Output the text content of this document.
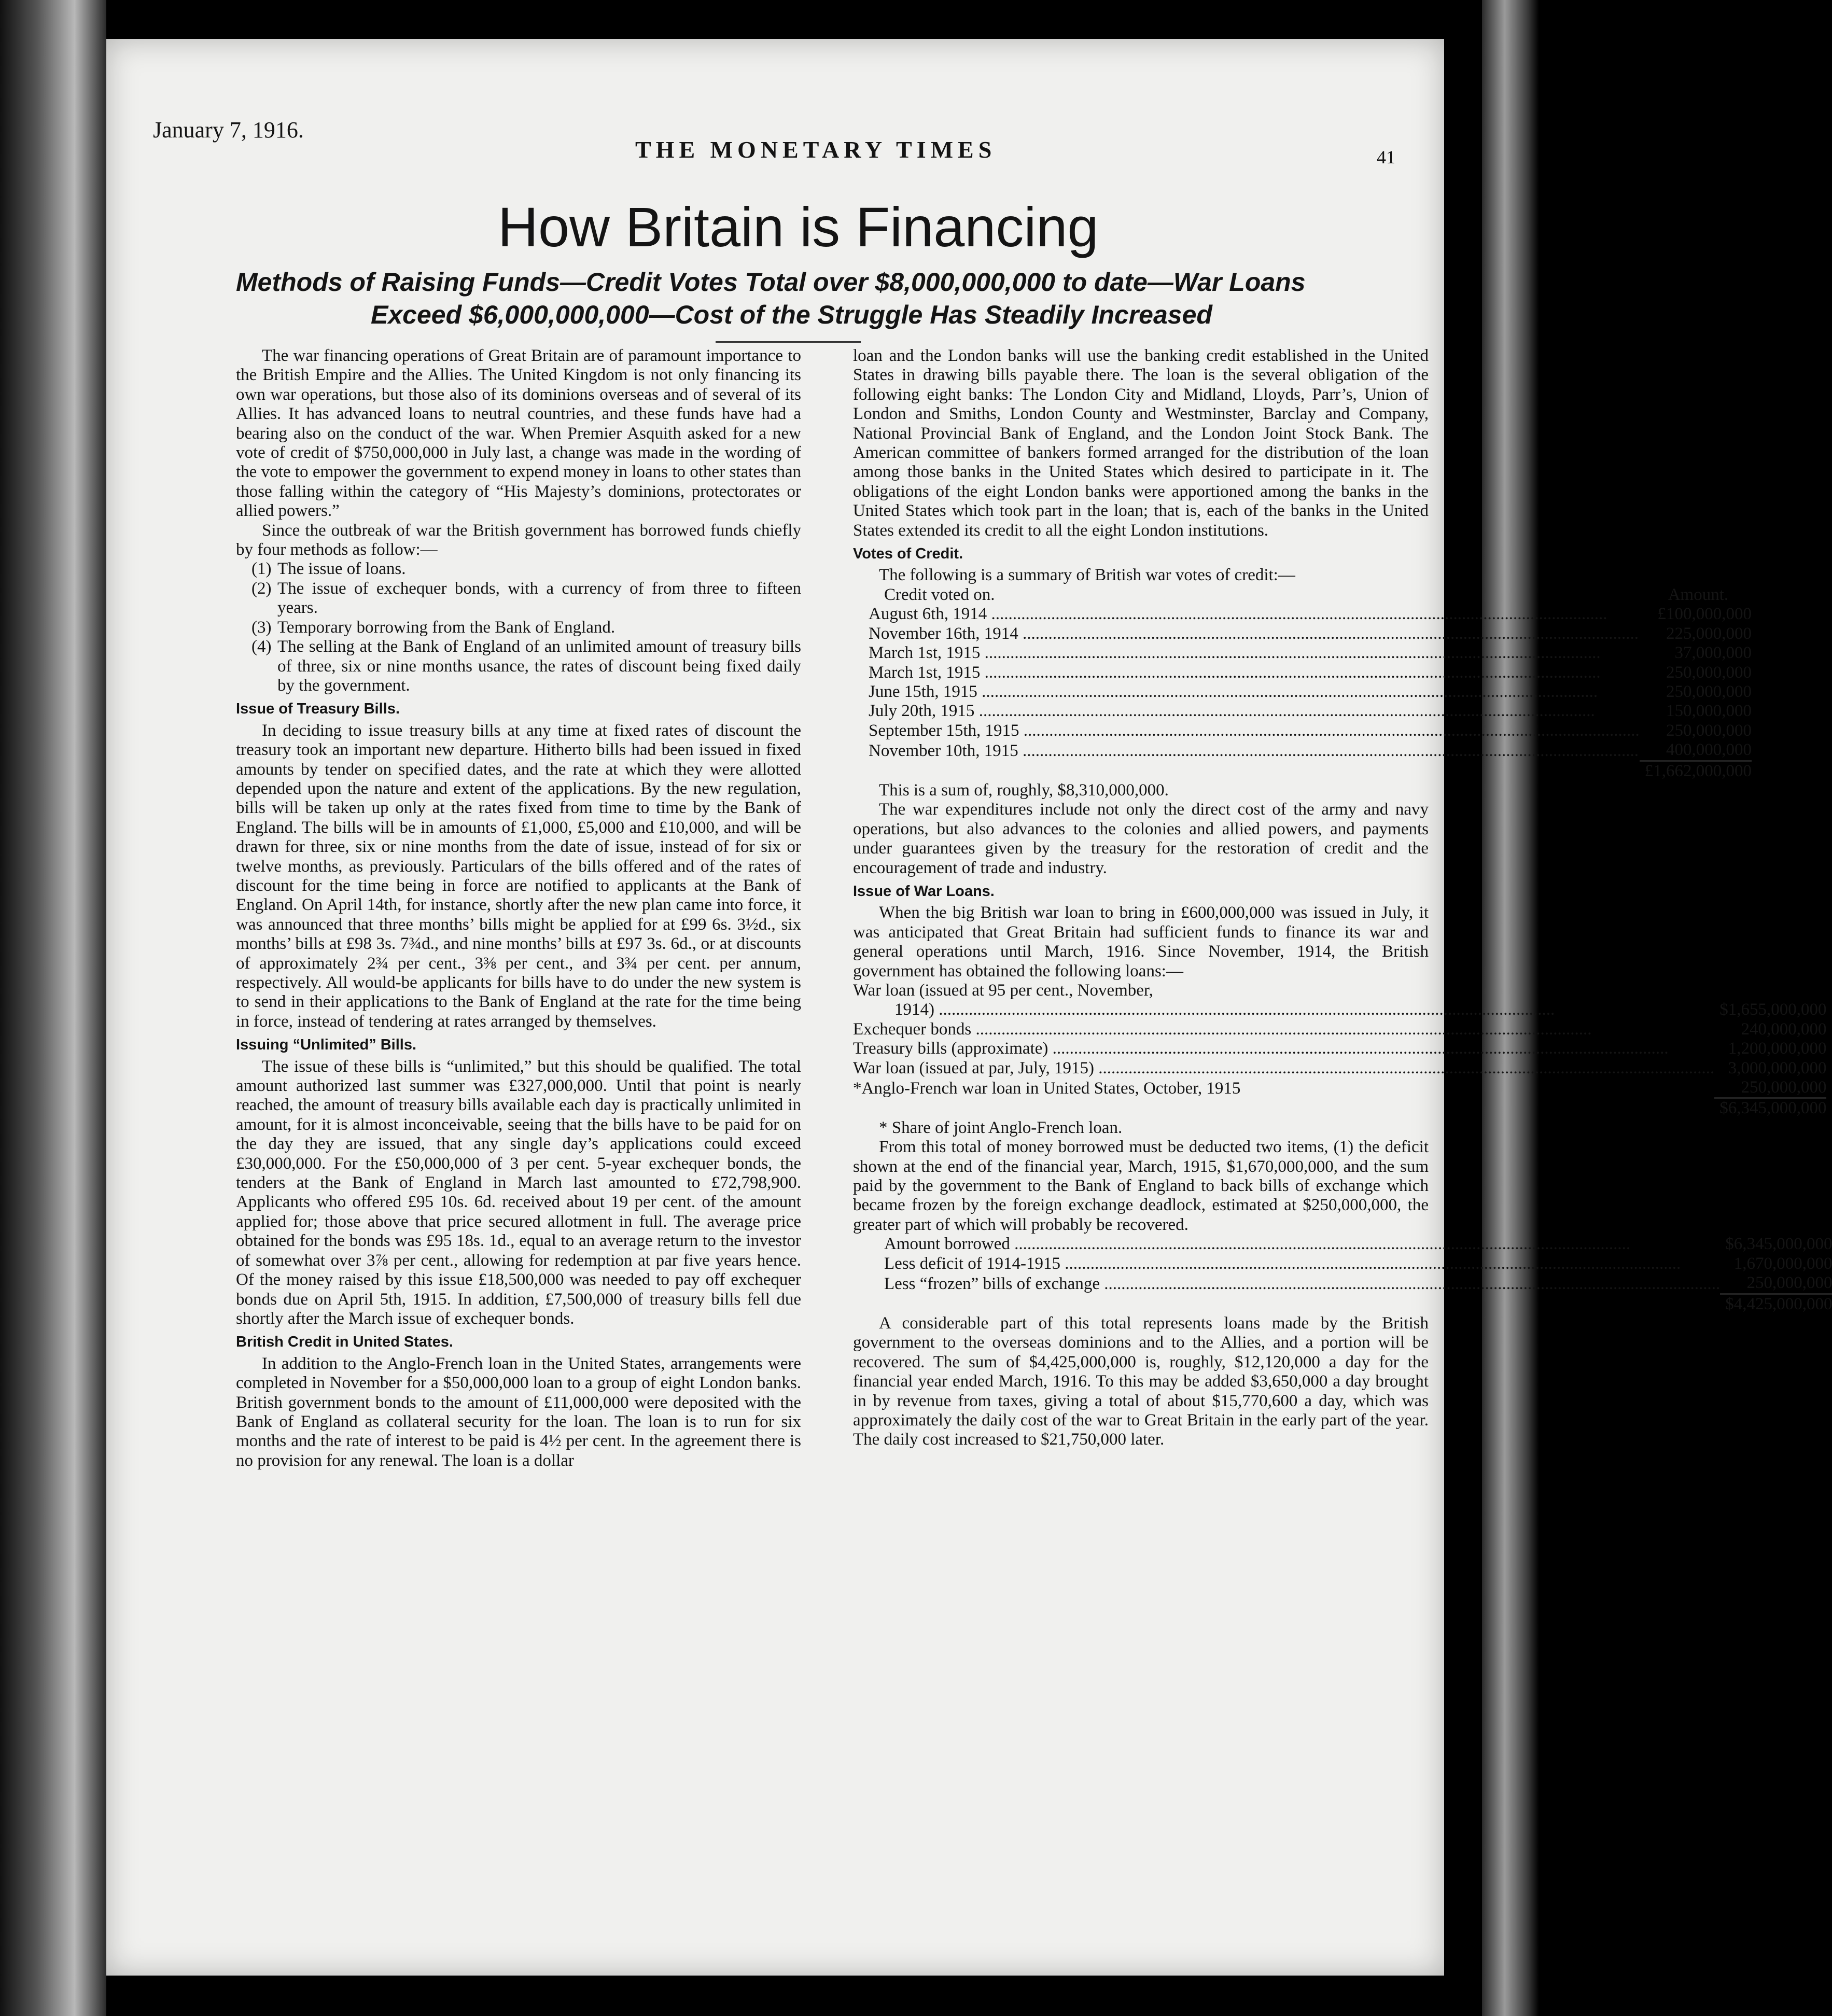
January 7, 1916.
THE MONETARY TIMES	41
How Britain is Financing
Methods of Raising Funds—Credit Votes Total over $8,000,000,000 to date—War Loans
Exceed $6,000,000,000—Cost of the Struggle Has Steadily Increased

The war financing operations of Great Britain are of paramount importance to the British Empire and the Allies. The United Kingdom is not only financing its own war operations, but those also of its dominions overseas and of several of its Allies. It has advanced loans to neutral countries, and these funds have had a bearing also on the conduct of the war. When Premier Asquith asked for a new vote of credit of $750,000,000 in July last, a change was made in the wording of the vote to empower the government to expend money in loans to other states than those falling within the category of “His Majesty’s dominions, protectorates or allied powers.”

Since the outbreak of war the British government has borrowed funds chiefly by four methods as follow:—

(1) The issue of loans.
(2) The issue of exchequer bonds, with a currency of from three to fifteen years.
(3) Temporary borrowing from the Bank of England.
(4) The selling at the Bank of England of an unlimited amount of treasury bills of three, six or nine months usance, the rates of discount being fixed daily by the government.
Issue of Treasury Bills.

In deciding to issue treasury bills at any time at fixed rates of discount the treasury took an important new departure. Hitherto bills had been issued in fixed amounts by tender on specified dates, and the rate at which they were allotted depended upon the nature and extent of the applications. By the new regulation, bills will be taken up only at the rates fixed from time to time by the Bank of England. The bills will be in amounts of £1,000, £5,000 and £10,000, and will be drawn for three, six or nine months from the date of issue, instead of for six or twelve months, as previously. Particulars of the bills offered and of the rates of discount for the time being in force are notified to applicants at the Bank of England. On April 14th, for instance, shortly after the new plan came into force, it was announced that three months’ bills might be applied for at £99 6s. 3½d., six months’ bills at £98 3s. 7¾d., and nine months’ bills at £97 3s. 6d., or at discounts of approximately 2¾ per cent., 3⅜ per cent., and 3¾ per cent. per annum, respectively. All would-be applicants for bills have to do under the new system is to send in their applications to the Bank of England at the rate for the time being in force, instead of tendering at rates arranged by themselves.

Issuing “Unlimited” Bills.

The issue of these bills is “unlimited,” but this should be qualified. The total amount authorized last summer was £327,000,000. Until that point is nearly reached, the amount of treasury bills available each day is practically unlimited in amount, for it is almost inconceivable, seeing that the bills have to be paid for on the day they are issued, that any single day’s applications could exceed £30,000,000. For the £50,000,000 of 3 per cent. 5-year exchequer bonds, the tenders at the Bank of England in March last amounted to £72,798,900. Applicants who offered £95 10s. 6d. received about 19 per cent. of the amount applied for; those above that price secured allotment in full. The average price obtained for the bonds was £95 18s. 1d., equal to an average return to the investor of somewhat over 3⅞ per cent., allowing for redemption at par five years hence. Of the money raised by this issue £18,500,000 was needed to pay off exchequer bonds due on April 5th, 1915. In addition, £7,500,000 of treasury bills fell due shortly after the March issue of exchequer bonds.

British Credit in United States.

In addition to the Anglo-French loan in the United States, arrangements were completed in November for a $50,000,000 loan to a group of eight London banks. British government bonds to the amount of £11,000,000 were deposited with the Bank of England as collateral security for the loan. The loan is to run for six months and the rate of interest to be paid is 4½ per cent. In the agreement there is no provision for any renewal. The loan is a dollar

loan and the London banks will use the banking credit established in the United States in drawing bills payable there. The loan is the several obligation of the following eight banks: The London City and Midland, Lloyds, Parr’s, Union of London and Smiths, London County and Westminster, Barclay and Company, National Provincial Bank of England, and the London Joint Stock Bank. The American committee of bankers formed arranged for the distribution of the loan among those banks in the United States which desired to participate in it. The obligations of the eight London banks were apportioned among the banks in the United States which took part in the loan; that is, each of the banks in the United States extended its credit to all the eight London institutions.

Votes of Credit.

The following is a summary of British war votes of credit:—

Credit voted on.	Amount.
August 6th, 1914 .....	£100,000,000
November 16th, 1914 .....	225,000,000
March 1st, 1915 .....	37,000,000
March 1st, 1915 .....	250,000,000
June 15th, 1915 .....	250,000,000
July 20th, 1915 .....	150,000,000
September 15th, 1915 .....	250,000,000
November 10th, 1915 .....	400,000,000
	£1,662,000,000

This is a sum of, roughly, $8,310,000,000.

The war expenditures include not only the direct cost of the army and navy operations, but also advances to the colonies and allied powers, and payments under guarantees given by the treasury for the restoration of credit and the encouragement of trade and industry.

Issue of War Loans.

When the big British war loan to bring in £600,000,000 was issued in July, it was anticipated that Great Britain had sufficient funds to finance its war and general operations until March, 1916. Since November, 1914, the British government has obtained the following loans:—

War loan (issued at 95 per cent., November,	
1914) .....	$1,655,000,000
Exchequer bonds .....	240,000,000
Treasury bills (approximate) .....	1,200,000,000
War loan (issued at par, July, 1915) .....	3,000,000,000
*Anglo-French war loan in United States, October, 1915	250,000,000
	$6,345,000,000

* Share of joint Anglo-French loan.

From this total of money borrowed must be deducted two items, (1) the deficit shown at the end of the financial year, March, 1915, $1,670,000,000, and the sum paid by the government to the Bank of England to back bills of exchange which became frozen by the foreign exchange deadlock, estimated at $250,000,000, the greater part of which will probably be recovered.

Amount borrowed .....	$6,345,000,000
Less deficit of 1914-1915 .....	1,670,000,000
Less “frozen” bills of exchange .....	250,000,000
	$4,425,000,000

A considerable part of this total represents loans made by the British government to the overseas dominions and to the Allies, and a portion will be recovered. The sum of $4,425,000,000 is, roughly, $12,120,000 a day for the financial year ended March, 1916. To this may be added $3,650,000 a day brought in by revenue from taxes, giving a total of about $15,770,600 a day, which was approximately the daily cost of the war to Great Britain in the early part of the year. The daily cost increased to $21,750,000 later.
